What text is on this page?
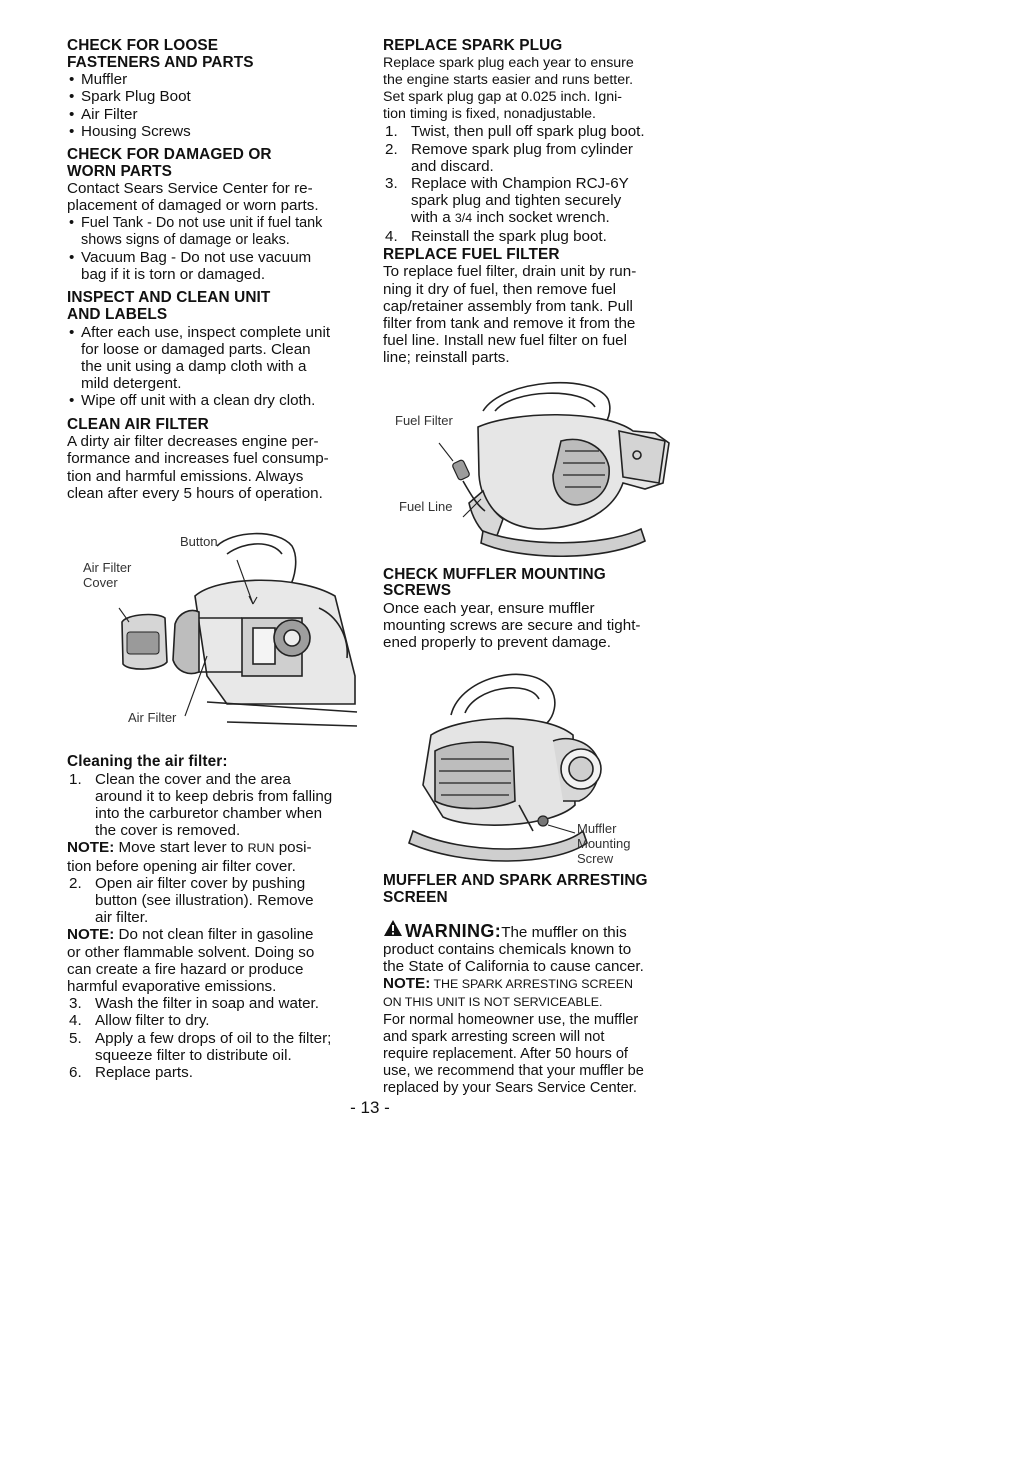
CHECK FOR LOOSE
FASTENERS AND PARTS
• Muffler
• Spark Plug Boot
• Air Filter
• Housing Screws
CHECK FOR DAMAGED OR
WORN PARTS

Contact Sears Service Center for re-
placement of damaged or worn parts.

• Fuel Tank - Do not use unit if fuel tank
shows signs of damage or leaks.
• Vacuum Bag - Do not use vacuum
bag if it is torn or damaged.
INSPECT AND CLEAN UNIT
AND LABELS
• After each use, inspect complete unit
for loose or damaged parts. Clean
the unit using a damp cloth with a
mild detergent.
• Wipe off unit with a clean dry cloth.
CLEAN AIR FILTER

A dirty air filter decreases engine per-
formance and increases fuel consump-
tion and harmful emissions. Always
clean after every 5 hours of operation.

Button
Air Filter
Cover
Air Filter
Cleaning the air filter:
1. Clean the cover and the area
around it to keep debris from falling
into the carburetor chamber when
the cover is removed.

NOTE: Move start lever to RUN posi-
tion before opening air filter cover.

2. Open air filter cover by pushing
button (see illustration). Remove
air filter.

NOTE: Do not clean filter in gasoline
or other flammable solvent. Doing so
can create a fire hazard or produce
harmful evaporative emissions.

3. Wash the filter in soap and water.
4. Allow filter to dry.
5. Apply a few drops of oil to the filter;
squeeze filter to distribute oil.
6. Replace parts.
REPLACE SPARK PLUG

Replace spark plug each year to ensure
the engine starts easier and runs better.
Set spark plug gap at 0.025 inch. Igni-
tion timing is fixed, nonadjustable.

1. Twist, then pull off spark plug boot.
2. Remove spark plug from cylinder
and discard.
3. Replace with Champion RCJ-6Y
spark plug and tighten securely
with a 3/4 inch socket wrench.
4. Reinstall the spark plug boot.
REPLACE FUEL FILTER

To replace fuel filter, drain unit by run-
ning it dry of fuel, then remove fuel
cap/retainer assembly from tank. Pull
filter from tank and remove it from the
fuel line. Install new fuel filter on fuel
line; reinstall parts.

Fuel Filter
Fuel Line
CHECK MUFFLER MOUNTING
SCREWS

Once each year, ensure muffler
mounting screws are secure and tight-
ened properly to prevent damage.

Muffler
Mounting
Screw
MUFFLER AND SPARK ARRESTING
SCREEN
WARNING: The muffler on this

product contains chemicals known to
the State of California to cause cancer.

NOTE: THE SPARK ARRESTING SCREEN
ON THIS UNIT IS NOT SERVICEABLE.

For normal homeowner use, the muffler
and spark arresting screen will not
require replacement. After 50 hours of
use, we recommend that your muffler be
replaced by your Sears Service Center.

- 13 -
